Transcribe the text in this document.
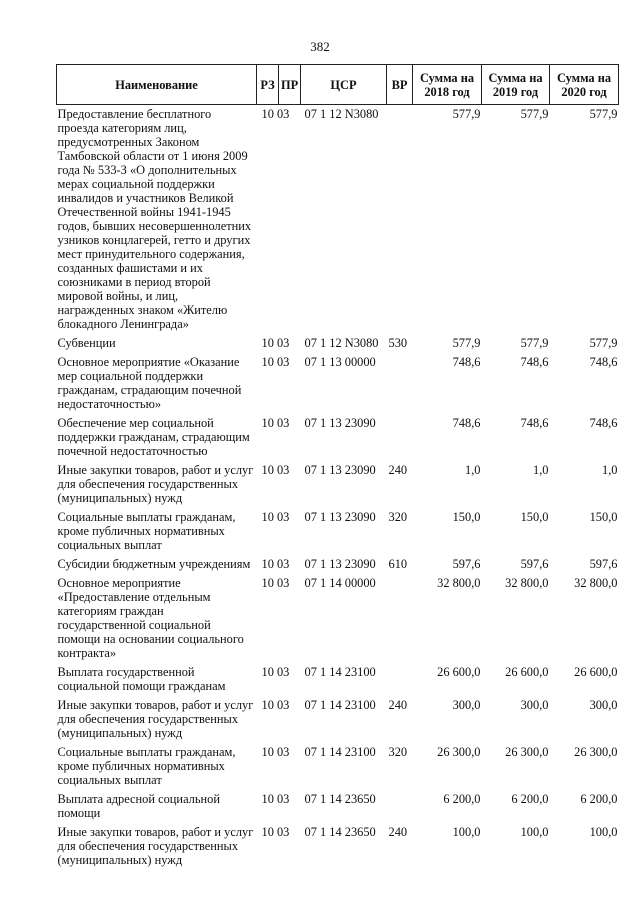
382
Наименование	РЗ	ПР	ЦСР	ВР	Сумма на 2018 год	Сумма на 2019 год	Сумма на 2020 год
Предоставление бесплатного проезда категориям лиц, предусмотренных Законом Тамбовской области от 1 июня 2009 года № 533-З «О дополнительных мерах социальной поддержки инвалидов и участников Великой Отечественной войны 1941-1945 годов, бывших несовершеннолетних узников концлагерей, гетто и других мест принудительного содержания, созданных фашистами и их союзниками в период второй мировой войны, и лиц, награжденных знаком «Жителю блокадного Ленинграда»	10 03		07 1 12 N3080		577,9	577,9	577,9
Субвенции	10 03		07 1 12 N3080	530	577,9	577,9	577,9
Основное мероприятие «Оказание мер социальной поддержки гражданам, страдающим почечной недостаточностью»	10 03		07 1 13 00000		748,6	748,6	748,6
Обеспечение мер социальной поддержки гражданам, страдающим почечной недостаточностью	10 03		07 1 13 23090		748,6	748,6	748,6
Иные закупки товаров, работ и услуг для обеспечения государственных (муниципальных) нужд	10 03		07 1 13 23090	240	1,0	1,0	1,0
Социальные выплаты гражданам, кроме публичных нормативных социальных выплат	10 03		07 1 13 23090	320	150,0	150,0	150,0
Субсидии бюджетным учреждениям	10 03		07 1 13 23090	610	597,6	597,6	597,6
Основное мероприятие «Предоставление отдельным категориям граждан государственной социальной помощи на основании социального контракта»	10 03		07 1 14 00000		32 800,0	32 800,0	32 800,0
Выплата государственной социальной помощи гражданам	10 03		07 1 14 23100		26 600,0	26 600,0	26 600,0
Иные закупки товаров, работ и услуг для обеспечения государственных (муниципальных) нужд	10 03		07 1 14 23100	240	300,0	300,0	300,0
Социальные выплаты гражданам, кроме публичных нормативных социальных выплат	10 03		07 1 14 23100	320	26 300,0	26 300,0	26 300,0
Выплата адресной социальной помощи	10 03		07 1 14 23650		6 200,0	6 200,0	6 200,0
Иные закупки товаров, работ и услуг для обеспечения государственных (муниципальных) нужд	10 03		07 1 14 23650	240	100,0	100,0	100,0
